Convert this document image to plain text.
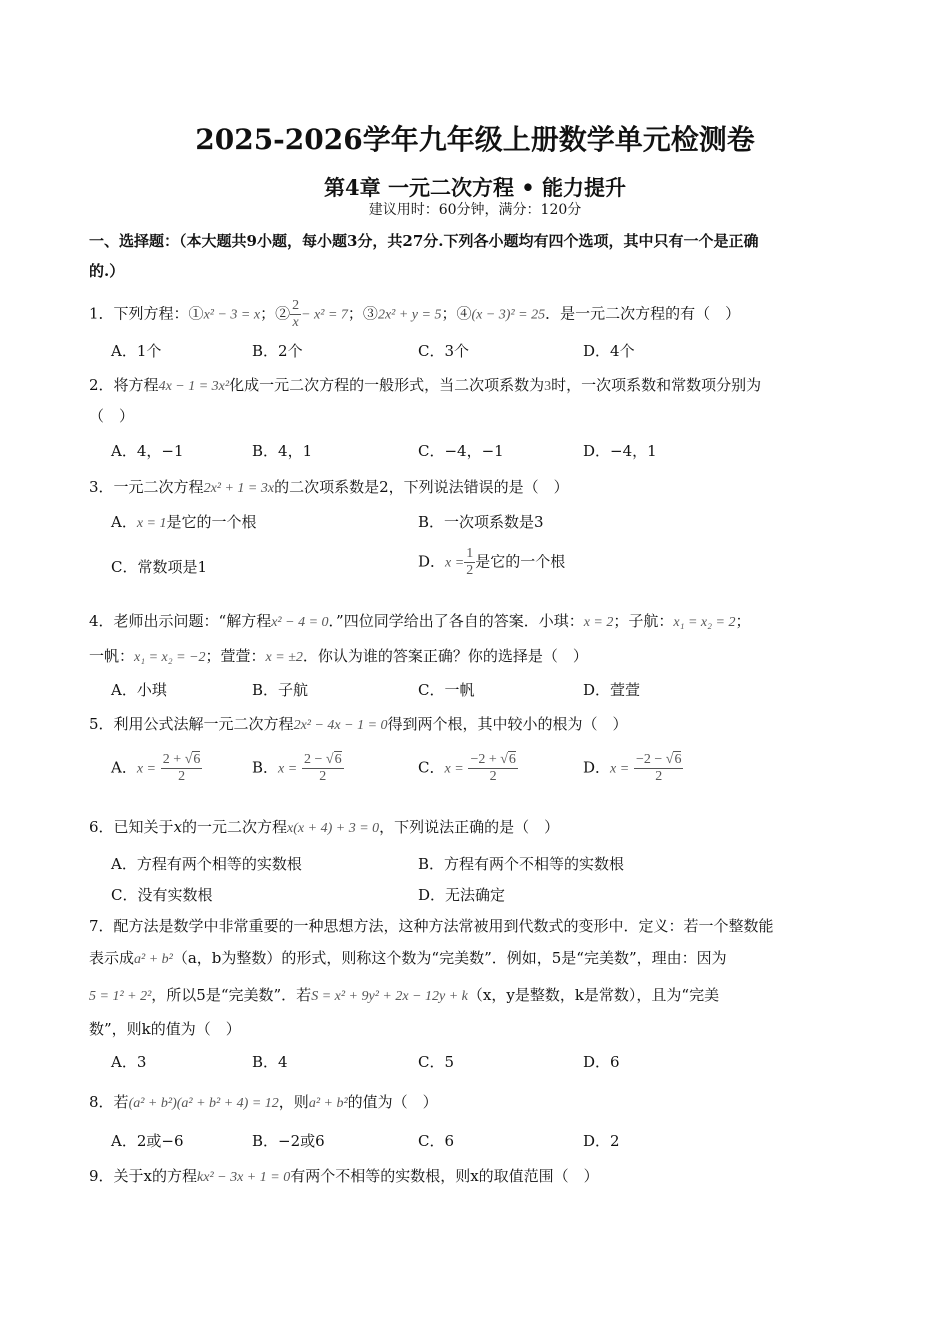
2025-2026学年九年级上册数学单元检测卷
第4章 一元二次方程 • 能力提升
建议用时：60分钟，满分：120分
一、选择题：（本大题共9小题，每小题3分，共27分.下列各小题均有四个选项，其中只有一个是正确
的.）
1．下列方程：①x² − 3 = x；② $\frac{2}{x} - x^2 = 7$；③2x² + y = 5；④(x − 3)² = 25．是一元二次方程的有（　）
A．1个	B．2个	C．3个	D．4个
2．将方程4x − 1 = 3x²化成一元二次方程的一般形式，当二次项系数为3时，一次项系数和常数项分别为
（　）
A．4，−1	B．4，1	C．−4，−1	D．−4，1
3．一元二次方程2x² + 1 = 3x的二次项系数是2，下列说法错误的是（　）
A．x = 1是它的一个根	B．一次项系数是3
C．常数项是1	D．$x = \frac{1}{2}$ 是它的一个根
4．老师出示问题：“解方程x² − 4 = 0．”四位同学给出了各自的答案．小琪：x = 2；子航：x₁ = x₂ = 2；
一帆：x₁ = x₂ = −2；萱萱：x = ±2．你认为谁的答案正确？你的选择是（　）
A．小琪	B．子航	C．一帆	D．萱萱
5．利用公式法解一元二次方程2x² − 4x − 1 = 0得到两个根，其中较小的根为（　）
A．$x = \frac{2 + √6}{2}$	B．$x = \frac{2 - √6}{2}$	C．$x = \frac{-2 + √6}{2}$	D．$x = \frac{-2 - √6}{2}$
6．已知关于x的一元二次方程x(x + 4) + 3 = 0，下列说法正确的是（　）
A．方程有两个相等的实数根	B．方程有两个不相等的实数根
C．没有实数根	D．无法确定
7．配方法是数学中非常重要的一种思想方法，这种方法常被用到代数式的变形中．定义：若一个整数能
表示成a² + b²（a，b为整数）的形式，则称这个数为“完美数”．例如，5是“完美数”，理由：因为
5 = 1² + 2²，所以5是“完美数”．若S = x² + 9y² + 2x − 12y + k（x，y是整数，k是常数），且为“完美
数”，则k的值为（　）
A．3	B．4	C．5	D．6
8．若(a² + b²)(a² + b² + 4) = 12，则a² + b²的值为（　）
A．2或−6	B．−2或6	C．6	D．2
9．关于x的方程kx² − 3x + 1 = 0有两个不相等的实数根，则x的取值范围（　）
